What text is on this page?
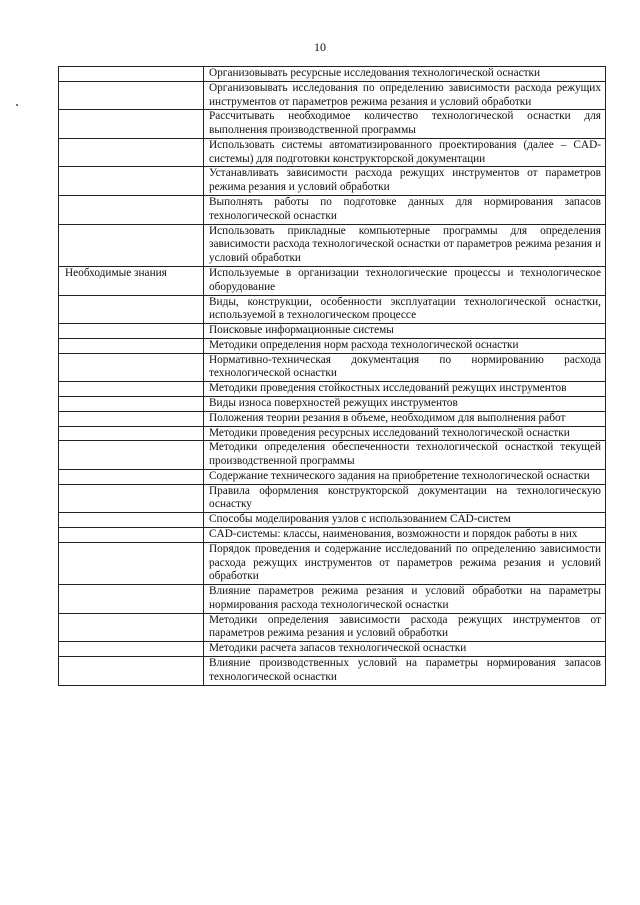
10
	Организовывать ресурсные исследования технологической оснастки
	Организовывать исследования по определению зависимости расхода режущих инструментов от параметров режима резания и условий обработки
	Рассчитывать необходимое количество технологической оснастки для выполнения производственной программы
	Использовать системы автоматизированного проектирования (далее – CAD-системы) для подготовки конструкторской документации
	Устанавливать зависимости расхода режущих инструментов от параметров режима резания и условий обработки
	Выполнять работы по подготовке данных для нормирования запасов технологической оснастки
	Использовать прикладные компьютерные программы для определения зависимости расхода технологической оснастки от параметров режима резания и условий обработки
Необходимые знания	Используемые в организации технологические процессы и технологическое оборудование
	Виды, конструкции, особенности эксплуатации технологической оснастки, используемой в технологическом процессе
	Поисковые информационные системы
	Методики определения норм расхода технологической оснастки
	Нормативно-техническая документация по нормированию расхода технологической оснастки
	Методики проведения стойкостных исследований режущих инструментов
	Виды износа поверхностей режущих инструментов
	Положения теории резания в объеме, необходимом для выполнения работ
	Методики проведения ресурсных исследований технологической оснастки
	Методики определения обеспеченности технологической оснасткой текущей производственной программы
	Содержание технического задания на приобретение технологической оснастки
	Правила оформления конструкторской документации на технологическую оснастку
	Способы моделирования узлов с использованием CAD-систем
	CAD-системы: классы, наименования, возможности и порядок работы в них
	Порядок проведения и содержание исследований по определению зависимости расхода режущих инструментов от параметров режима резания и условий обработки
	Влияние параметров режима резания и условий обработки на параметры нормирования расхода технологической оснастки
	Методики определения зависимости расхода режущих инструментов от параметров режима резания и условий обработки
	Методики расчета запасов технологической оснастки
	Влияние производственных условий на параметры нормирования запасов технологической оснастки
